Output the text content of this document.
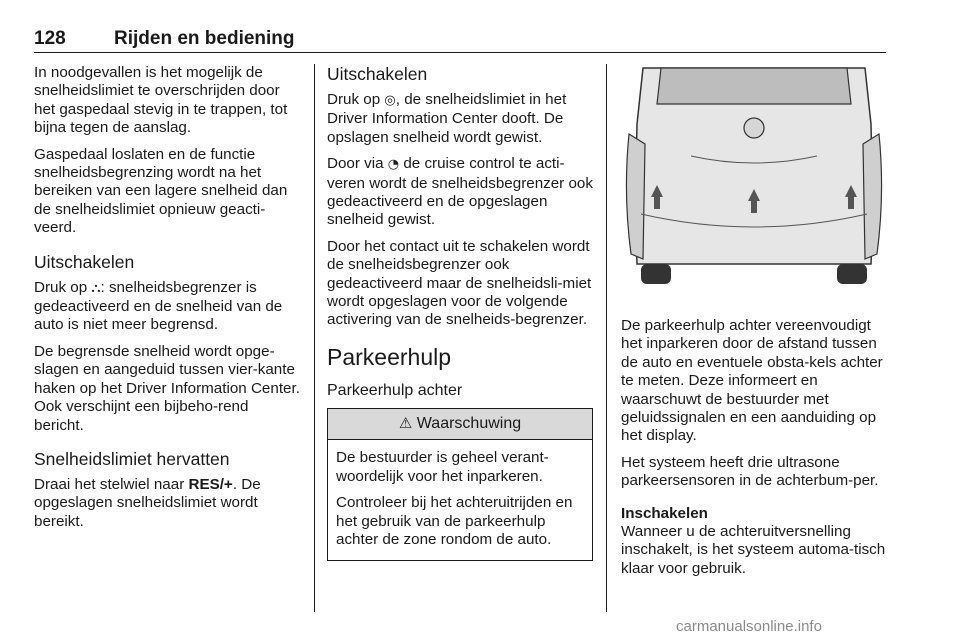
128	Rijden en bediening

In noodgevallen is het mogelijk de snelheidslimiet te overschrijden door het gaspedaal stevig in te trappen, tot bijna tegen de aanslag.

Gaspedaal loslaten en de functie snelheidsbegrenzing wordt na het bereiken van een lagere snelheid dan de snelheidslimiet opnieuw geacti-veerd.

Uitschakelen

Druk op ⛬: snelheidsbegrenzer is gedeactiveerd en de snelheid van de auto is niet meer begrensd.

De begrensde snelheid wordt opge-slagen en aangeduid tussen vier-kante haken op het Driver Information Center. Ook verschijnt een bijbeho-rend bericht.

Snelheidslimiet hervatten

Draai het stelwiel naar RES/+. De opgeslagen snelheidslimiet wordt bereikt.

Uitschakelen

Druk op ◎, de snelheidslimiet in het Driver Information Center dooft. De opslagen snelheid wordt gewist.

Door via ◔ de cruise control te acti-veren wordt de snelheidsbegrenzer ook gedeactiveerd en de opgeslagen snelheid gewist.

Door het contact uit te schakelen wordt de snelheidsbegrenzer ook gedeactiveerd maar de snelheidsli-miet wordt opgeslagen voor de volgende activering van de snelheids-begrenzer.

Parkeerhulp
Parkeerhulp achter
⚠ Waarschuwing

De bestuurder is geheel verant-woordelijk voor het inparkeren.

Controleer bij het achteruitrijden en het gebruik van de parkeerhulp achter de zone rondom de auto.

De parkeerhulp achter vereenvoudigt het inparkeren door de afstand tussen de auto en eventuele obsta-kels achter te meten. Deze informeert en waarschuwt de bestuurder met geluidssignalen en een aanduiding op het display.

Het systeem heeft drie ultrasone parkeersensoren in de achterbum-per.

Inschakelen

Wanneer u de achteruitversnelling inschakelt, is het systeem automa-tisch klaar voor gebruik.

carmanualsonline.info
